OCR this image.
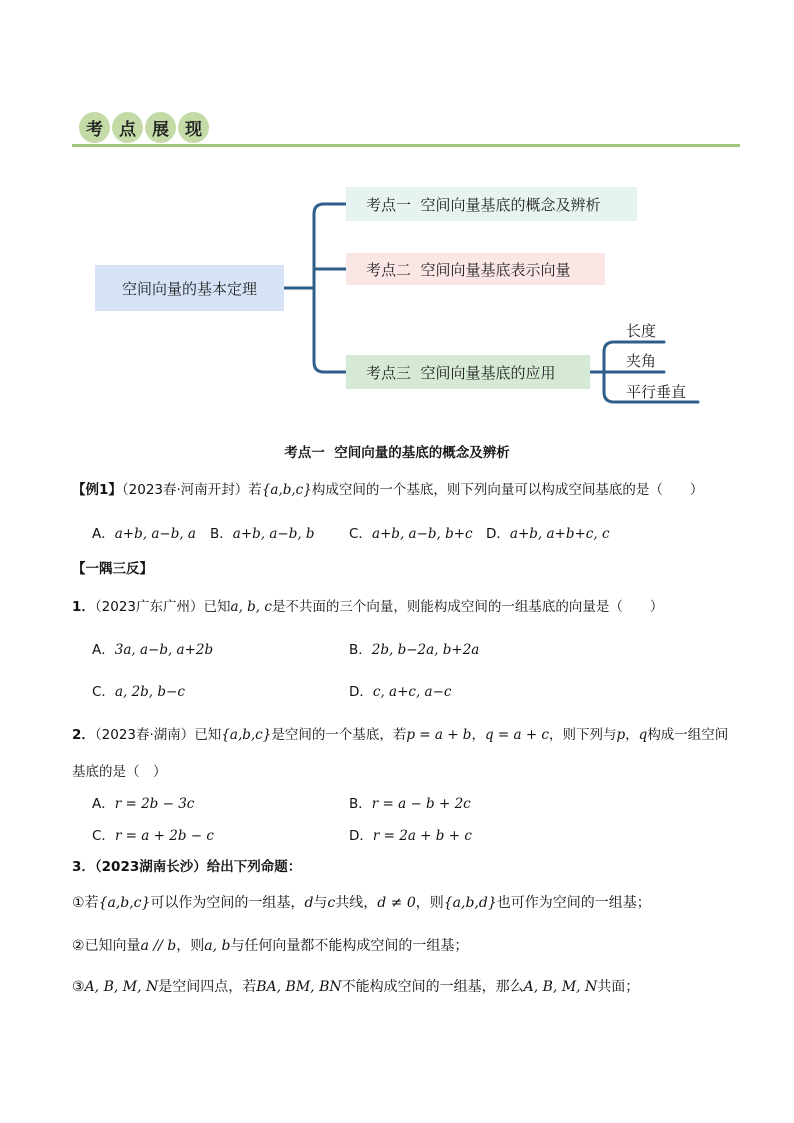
考 点 展 现
空间向量的基本定理
考点一  空间向量基底的概念及辨析
考点二  空间向量基底表示向量
考点三  空间向量基底的应用
长度
夹角
平行垂直
考点一  空间向量的基底的概念及辨析
【例1】（2023春·河南开封）若{a,b,c}构成空间的一个基底，则下列向量可以构成空间基底的是（　　）
A．a+b, a−b, a B．a+b, a−b, b	C．a+b, a−b, b+c D．a+b, a+b+c, c
【一隅三反】
1．（2023广东广州）已知a, b, c是不共面的三个向量，则能构成空间的一组基底的向量是（　　）
A．3a, a−b, a+2b	B．2b, b−2a, b+2a
C．a, 2b, b−c	D．c, a+c, a−c
2．（2023春·湖南）已知{a,b,c}是空间的一个基底，若p = a + b，q = a + c，则下列与p，q构成一组空间
基底的是（　）
A．r = 2b − 3c	B．r = a − b + 2c
C．r = a + 2b − c	D．r = 2a + b + c
3．（2023湖南长沙）给出下列命题：
①若{a,b,c}可以作为空间的一组基，d与c共线，d ≠ 0，则{a,b,d}也可作为空间的一组基；
②已知向量a // b，则a, b与任何向量都不能构成空间的一组基；
③A, B, M, N是空间四点，若BA, BM, BN不能构成空间的一组基，那么A, B, M, N共面；
